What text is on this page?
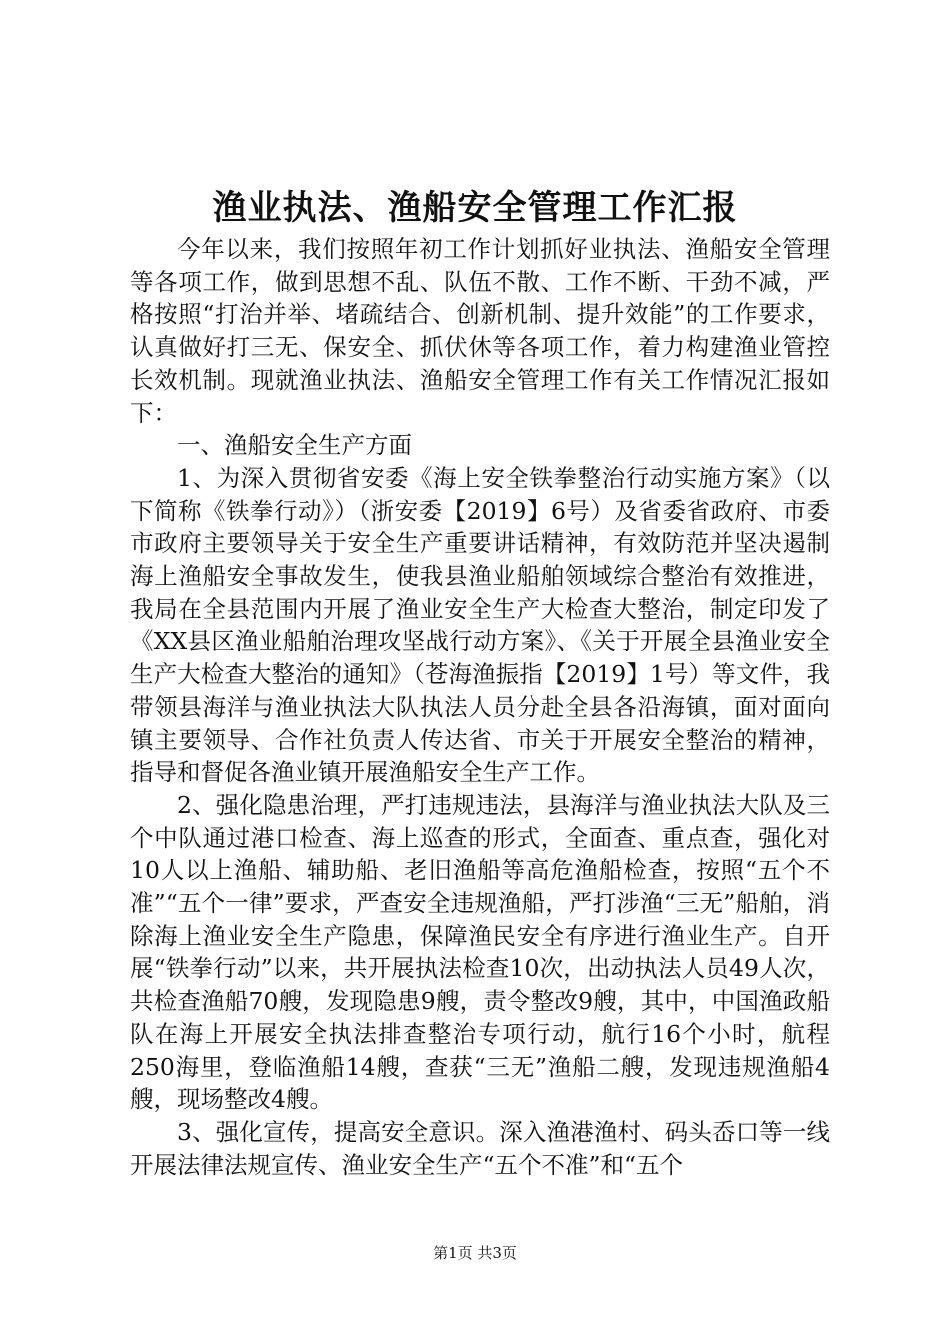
渔业执法、渔船安全管理工作汇报

今年以来，我们按照年初工作计划抓好业执法、渔船安全管理等各项工作，做到思想不乱、队伍不散、工作不断、干劲不减，严格按照“打治并举、堵疏结合、创新机制、提升效能”的工作要求，认真做好打三无、保安全、抓伏休等各项工作，着力构建渔业管控长效机制。现就渔业执法、渔船安全管理工作有关工作情况汇报如下：

一、渔船安全生产方面

1、为深入贯彻省安委《海上安全铁拳整治行动实施方案》（以下简称《铁拳行动》）（浙安委【2019】6号）及省委省政府、市委市政府主要领导关于安全生产重要讲话精神，有效防范并坚决遏制海上渔船安全事故发生，使我县渔业船舶领域综合整治有效推进，我局在全县范围内开展了渔业安全生产大检查大整治，制定印发了《XX县区渔业船舶治理攻坚战行动方案》、《关于开展全县渔业安全生产大检查大整治的通知》（苍海渔振指【2019】1号）等文件，我带领县海洋与渔业执法大队执法人员分赴全县各沿海镇，面对面向镇主要领导、合作社负责人传达省、市关于开展安全整治的精神，指导和督促各渔业镇开展渔船安全生产工作。

2、强化隐患治理，严打违规违法，县海洋与渔业执法大队及三个中队通过港口检查、海上巡查的形式，全面查、重点查，强化对10人以上渔船、辅助船、老旧渔船等高危渔船检查，按照“五个不准”“五个一律”要求，严查安全违规渔船，严打涉渔“三无”船舶，消除海上渔业安全生产隐患，保障渔民安全有序进行渔业生产。自开展“铁拳行动”以来，共开展执法检查10次，出动执法人员49人次，共检查渔船70艘，发现隐患9艘，责令整改9艘，其中，中国渔政船队在海上开展安全执法排查整治专项行动，航行16个小时，航程250海里，登临渔船14艘，查获“三无”渔船二艘，发现违规渔船4艘，现场整改4艘。

3、强化宣传，提高安全意识。深入渔港渔村、码头岙口等一线开展法律法规宣传、渔业安全生产“五个不准”和“五个

第1页 共3页
